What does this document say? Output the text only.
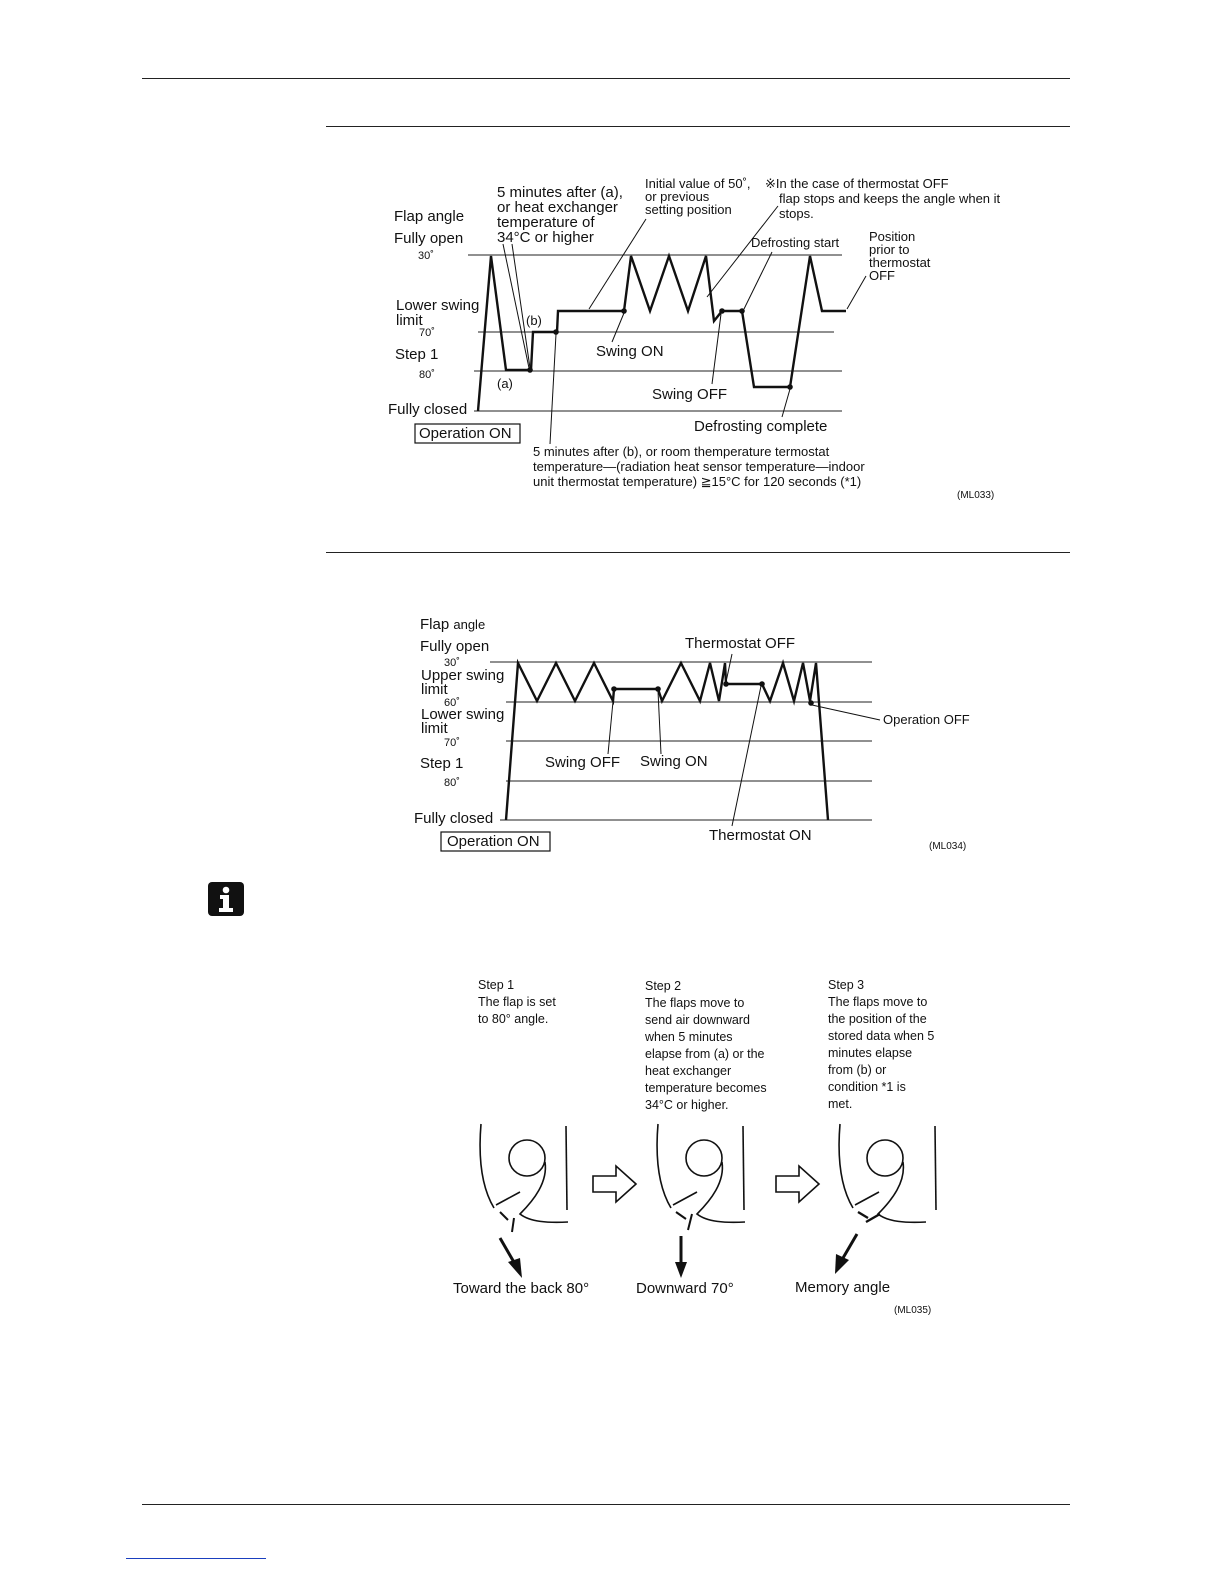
Flap angle
Fully open
30˚
Lower swing
limit
70˚
Step 1
80˚
Fully closed
Operation ON
5 minutes after (a),
or heat exchanger
temperature of
34°C or higher
Initial value of 50˚,
or previous
setting position
※In the case of thermostat OFF
flap stops and keeps the angle when it
stops.
Defrosting start Position
prior to
thermostat
OFF
(b)
(a)
Swing ON
Swing OFF
Defrosting complete
5 minutes after (b), or room themperature termostat
temperature—(radiation heat sensor temperature—indoor
unit thermostat temperature) ≧15°C for 120 seconds (*1)
(ML033)
Flap angle
Fully open
30˚
Upper swing
limit
60˚
Lower swing
limit
70˚
Step 1
80˚
Fully closed
Operation ON
Thermostat OFF
Operation OFF
Swing OFF Swing ON
Thermostat ON
(ML034)
Toward the back 80°	Downward 70°	Memory angle
(ML035)
Step 1
The flap is set
to 80° angle.
Step 2
The flaps move to
send air downward
when 5 minutes
elapse from (a) or the
heat exchanger
temperature becomes
34°C or higher.
Step 3
The flaps move to
the position of the
stored data when 5
minutes elapse
from (b) or
condition *1 is
met.
